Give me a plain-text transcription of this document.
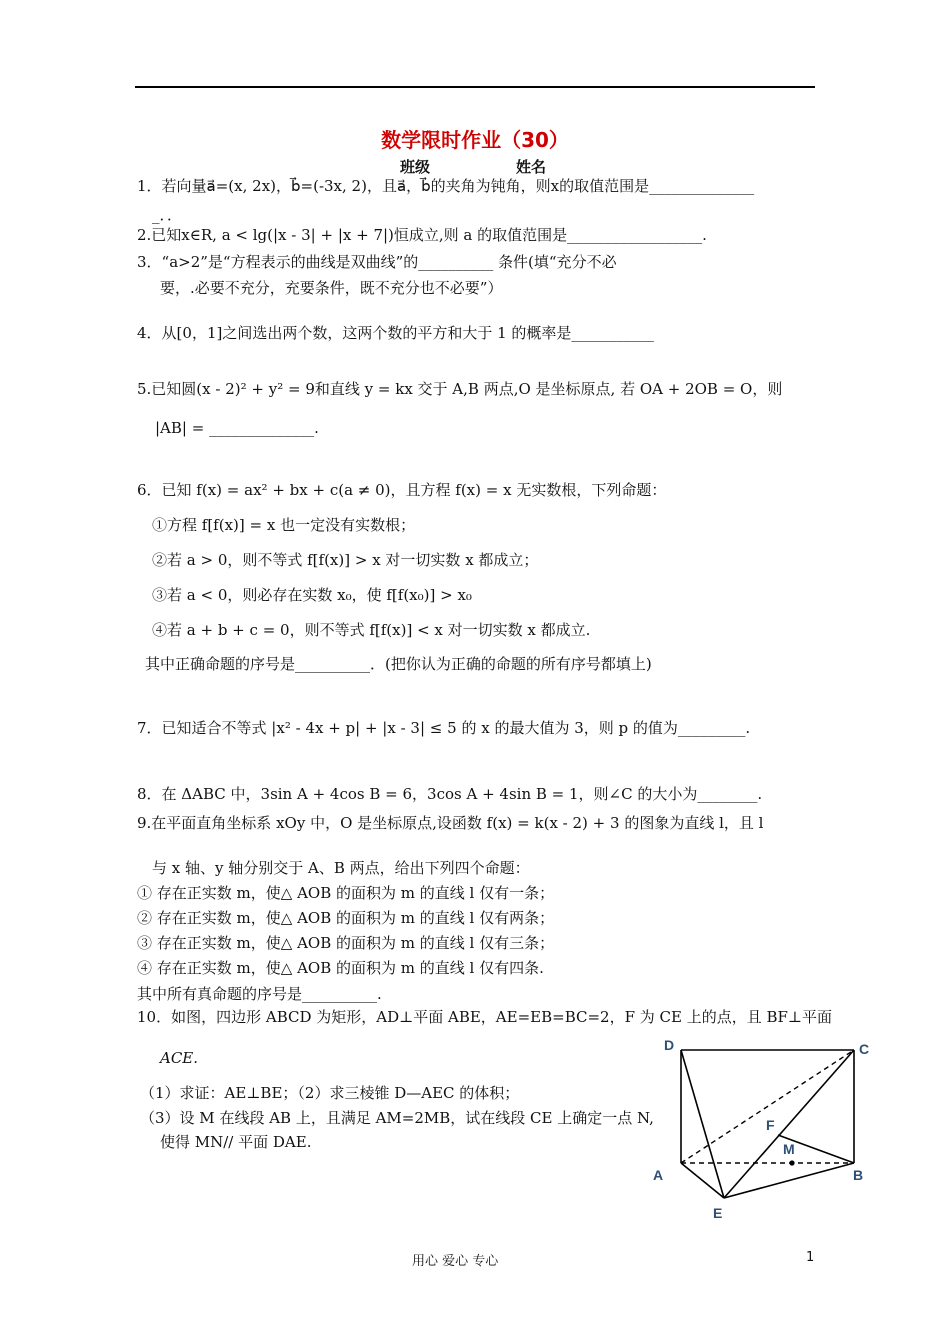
数学限时作业（30）
班级	姓名
1．若向量a⃗=(x, 2x)，b⃗=(-3x, 2)，且a⃗，b⃗的夹角为钝角，则x的取值范围是______________
_．．
2.已知x∈R, a < lg(|x - 3| + |x + 7|)恒成立,则 a 的取值范围是__________________.
3．“a>2”是“方程表示的曲线是双曲线”的__________ 条件(填“充分不必
要，.必要不充分，充要条件，既不充分也不必要”）
4．从[0，1]之间选出两个数，这两个数的平方和大于 1 的概率是___________
5.已知圆(x - 2)² + y² = 9和直线 y = kx 交于 A,B 两点,O 是坐标原点, 若 OA + 2OB = O，则
|AB| = ______________.
6．已知 f(x) = ax² + bx + c(a ≠ 0)，且方程 f(x) = x 无实数根，下列命题：
①方程 f[f(x)] = x 也一定没有实数根；
②若 a > 0，则不等式 f[f(x)] > x 对一切实数 x 都成立；
③若 a < 0，则必存在实数 x₀，使 f[f(x₀)] > x₀
④若 a + b + c = 0，则不等式 f[f(x)] < x 对一切实数 x 都成立.
其中正确命题的序号是__________．(把你认为正确的命题的所有序号都填上)
7．已知适合不等式 |x² - 4x + p| + |x - 3| ≤ 5 的 x 的最大值为 3，则 p 的值为_________.
8．在 ΔABC 中，3sin A + 4cos B = 6，3cos A + 4sin B = 1，则∠C 的大小为________.
9.在平面直角坐标系 xOy 中，O 是坐标原点,设函数 f(x) = k(x - 2) + 3 的图象为直线 l，且 l
与 x 轴、y 轴分别交于 A、B 两点，给出下列四个命题：
① 存在正实数 m，使△ AOB 的面积为 m 的直线 l 仅有一条；
② 存在正实数 m，使△ AOB 的面积为 m 的直线 l 仅有两条；
③ 存在正实数 m，使△ AOB 的面积为 m 的直线 l 仅有三条；
④ 存在正实数 m，使△ AOB 的面积为 m 的直线 l 仅有四条.
其中所有真命题的序号是__________.
10．如图，四边形 ABCD 为矩形，AD⊥平面 ABE，AE=EB=BC=2，F 为 CE 上的点，且 BF⊥平面
ACE.
（1）求证：AE⊥BE；（2）求三棱锥 D—AEC 的体积；
（3）设 M 在线段 AB 上，且满足 AM=2MB，试在线段 CE 上确定一点 N,
使得 MN// 平面 DAE.
D	C
F
M
A	B
E
用心 爱心 专心	1
